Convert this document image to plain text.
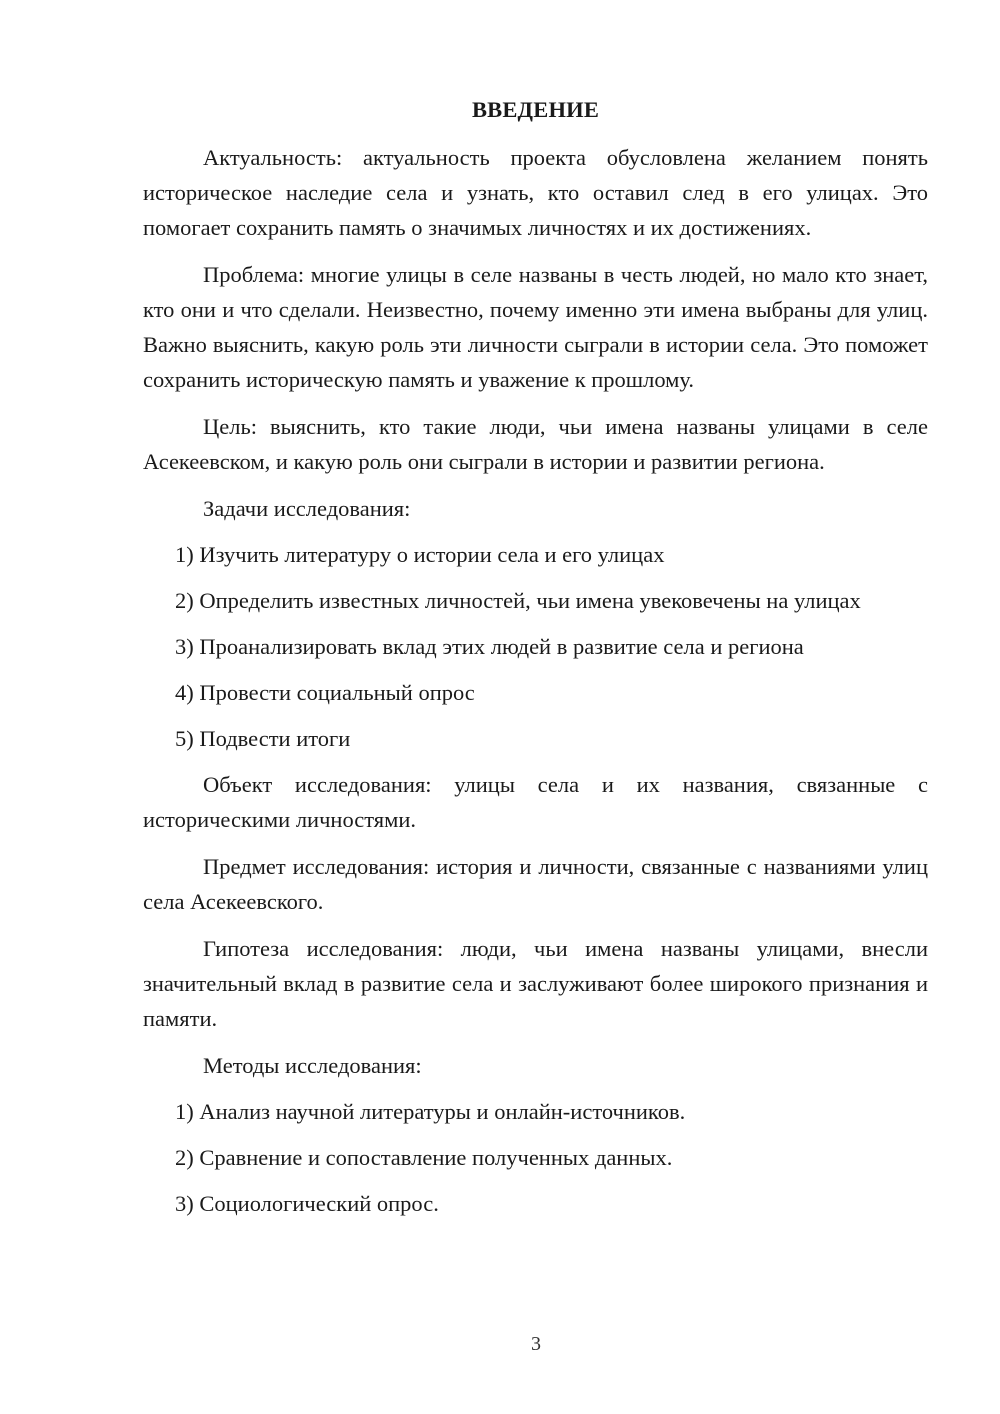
ВВЕДЕНИЕ

Актуальность: актуальность проекта обусловлена желанием понять историческое наследие села и узнать, кто оставил след в его улицах. Это помогает сохранить память о значимых личностях и их достижениях.

Проблема: многие улицы в селе названы в честь людей, но мало кто знает, кто они и что сделали. Неизвестно, почему именно эти имена выбраны для улиц. Важно выяснить, какую роль эти личности сыграли в истории села. Это поможет сохранить историческую память и уважение к прошлому.

Цель: выяснить, кто такие люди, чьи имена названы улицами в селе Асекеевском, и какую роль они сыграли в истории и развитии региона.

Задачи исследования:
1) Изучить литературу о истории села и его улицах
2) Определить известных личностей, чьи имена увековечены на улицах
3) Проанализировать вклад этих людей в развитие села и региона
4) Провести социальный опрос
5) Подвести итоги

Объект исследования: улицы села и их названия, связанные с историческими личностями.

Предмет исследования: история и личности, связанные с названиями улиц села Асекеевского.

Гипотеза исследования: люди, чьи имена названы улицами, внесли значительный вклад в развитие села и заслуживают более широкого признания и памяти.

Методы исследования:
1) Анализ научной литературы и онлайн-источников.
2) Сравнение и сопоставление полученных данных.
3) Социологический опрос.
3
